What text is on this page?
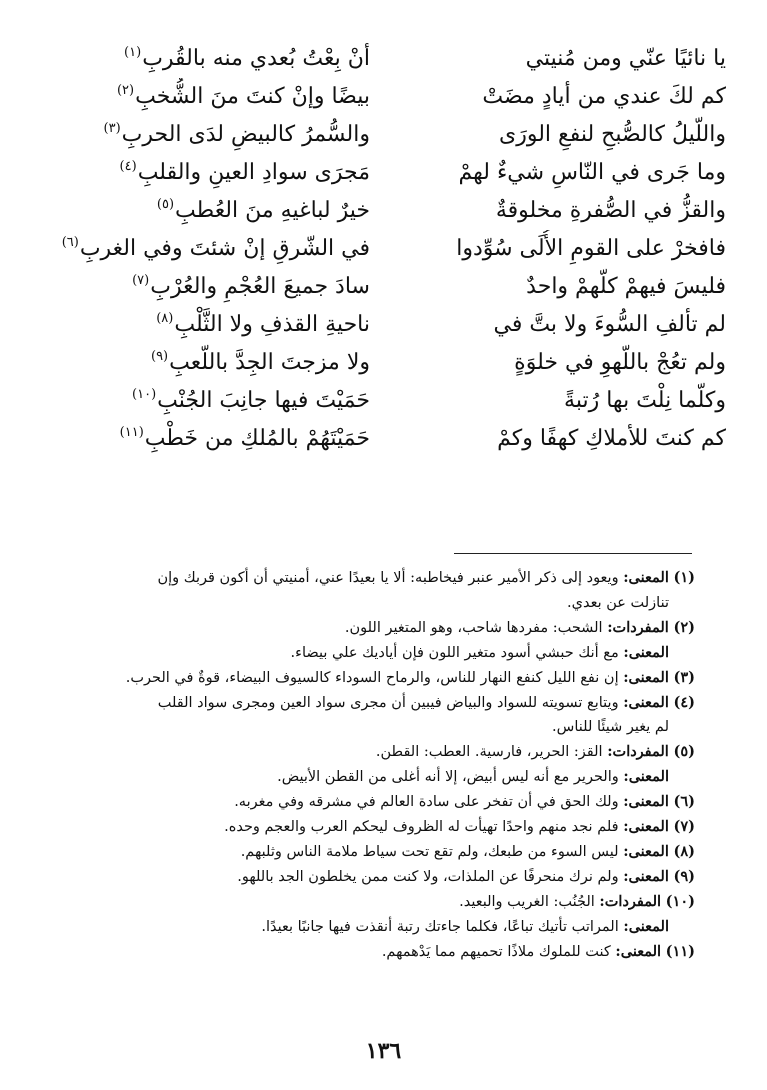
يا نائيًا عنّي ومن مُنيتي
أنْ بِعْتُ بُعدي منه بالقُربِ$^{(١)}$
كم لكَ عندي من أيادٍ مضَتْ
بيضًا وإنْ كنتَ منَ الشُّخبِ$^{(٢)}$
واللّيلُ كالصُّبحِ لنفعِ الورَى
والسُّمرُ كالبيضِ لدَى الحربِ$^{(٣)}$
وما جَرى في النّاسِ شيءٌ لهمْ
مَجرَى سوادِ العينِ والقلبِ$^{(٤)}$
والقزُّ في الصُّفرةِ مخلوقةٌ
خيرٌ لباغيهِ منَ العُطبِ$^{(٥)}$
فافخرْ على القومِ الأُلَى سُوِّدوا
في الشّرقِ إنْ شئتَ وفي الغربِ$^{(٦)}$
فليسَ فيهمْ كلّهمْ واحدٌ
سادَ جميعَ العُجْمِ والعُرْبِ$^{(٧)}$
لم تألفِ السُّوءَ ولا بتَّ في
ناحيةِ القذفِ ولا الثَّلْبِ$^{(٨)}$
ولم تعُجْ باللّهوِ في خلوَةٍ
ولا مزجتَ الجِدَّ باللّعبِ$^{(٩)}$
وكلّما نِلْتَ بها رُتبةً
حَمَيْتَ فيها جانِبَ الجُنْبِ$^{(١٠)}$
كم كنتَ للأملاكِ كهفًا وكمْ
حَمَيْتَهُمْ بالمُلكِ من خَطْبِ$^{(١١)}$
(١) المعنى: ويعود إلى ذكر الأمير عنبر فيخاطبه: ألا يا بعيدًا عني، أمنيتي أن أكون قربك وإن
تنازلت عن بعدي.
(٢) المفردات: الشحب: مفردها شاحب، وهو المتغير اللون.
المعنى: مع أنك حبشي أسود متغير اللون فإن أياديك علي بيضاء.
(٣) المعنى: إن نفع الليل كنفع النهار للناس، والرماح السوداء كالسيوف البيضاء، قوةٌ في الحرب.
(٤) المعنى: ويتابع تسويته للسواد والبياض فيبين أن مجرى سواد العين ومجرى سواد القلب
لم يغير شيئًا للناس.
(٥) المفردات: القز: الحرير، فارسية. العطب: القطن.
المعنى: والحرير مع أنه ليس أبيض، إلا أنه أغلى من القطن الأبيض.
(٦) المعنى: ولك الحق في أن تفخر على سادة العالم في مشرقه وفي مغربه.
(٧) المعنى: فلم نجد منهم واحدًا تهيأت له الظروف ليحكم العرب والعجم وحده.
(٨) المعنى: ليس السوء من طبعك، ولم تقع تحت سياط ملامة الناس وثلبهم.
(٩) المعنى: ولم نرك منحرفًا عن الملذات، ولا كنت ممن يخلطون الجد باللهو.
(١٠) المفردات: الجُنُب: الغريب والبعيد.
المعنى: المراتب تأتيك تباعًا، فكلما جاءتك رتبة أنقذت فيها جانبًا بعيدًا.
(١١) المعنى: كنت للملوك ملاذًا تحميهم مما يَدْهمهم.
١٣٦
